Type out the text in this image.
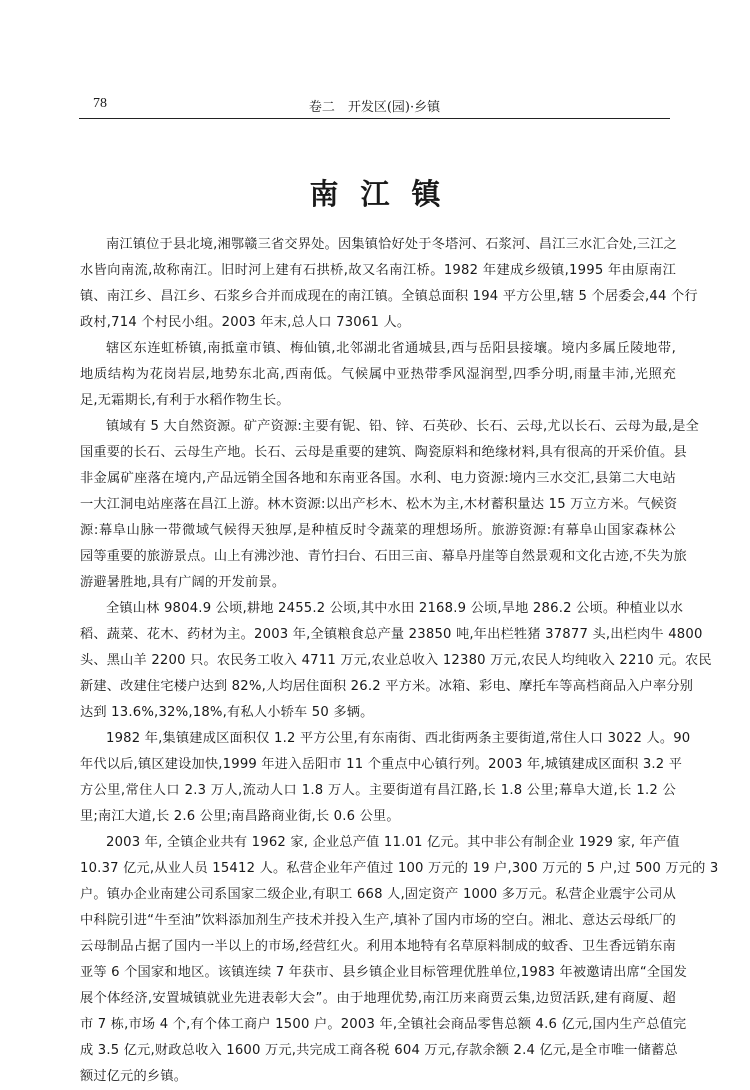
78	卷二　开发区(园)·乡镇
南江镇
南江镇位于县北境,湘鄂赣三省交界处。因集镇恰好处于冬塔河、石浆河、昌江三水汇合处,三江之
水皆向南流,故称南江。旧时河上建有石拱桥,故又名南江桥。1982 年建成乡级镇,1995 年由原南江
镇、南江乡、昌江乡、石浆乡合并而成现在的南江镇。全镇总面积 194 平方公里,辖 5 个居委会,44 个行
政村,714 个村民小组。2003 年末,总人口 73061 人。
辖区东连虹桥镇,南抵童市镇、梅仙镇,北邻湖北省通城县,西与岳阳县接壤。境内多属丘陵地带,
地质结构为花岗岩层,地势东北高,西南低。气候属中亚热带季风湿润型,四季分明,雨量丰沛,光照充
足,无霜期长,有利于水稻作物生长。
镇域有 5 大自然资源。矿产资源:主要有铌、铅、锌、石英砂、长石、云母,尤以长石、云母为最,是全
国重要的长石、云母生产地。长石、云母是重要的建筑、陶瓷原料和绝缘材料,具有很高的开采价值。县
非金属矿座落在境内,产品远销全国各地和东南亚各国。水利、电力资源:境内三水交汇,县第二大电站
一大江洞电站座落在昌江上游。林木资源:以出产杉木、松木为主,木材蓄积量达 15 万立方米。气候资
源:幕阜山脉一带微域气候得天独厚,是种植反时令蔬菜的理想场所。旅游资源:有幕阜山国家森林公
园等重要的旅游景点。山上有沸沙池、青竹扫台、石田三亩、幕阜丹崖等自然景观和文化古迹,不失为旅
游避暑胜地,具有广阔的开发前景。
全镇山林 9804.9 公顷,耕地 2455.2 公顷,其中水田 2168.9 公顷,旱地 286.2 公顷。种植业以水
稻、蔬菜、花木、药材为主。2003 年,全镇粮食总产量 23850 吨,年出栏牲猪 37877 头,出栏肉牛 4800
头、黑山羊 2200 只。农民务工收入 4711 万元,农业总收入 12380 万元,农民人均纯收入 2210 元。农民
新建、改建住宅楼户达到 82%,人均居住面积 26.2 平方米。冰箱、彩电、摩托车等高档商品入户率分别
达到 13.6%,32%,18%,有私人小轿车 50 多辆。
1982 年,集镇建成区面积仅 1.2 平方公里,有东南街、西北街两条主要街道,常住人口 3022 人。90
年代以后,镇区建设加快,1999 年进入岳阳市 11 个重点中心镇行列。2003 年,城镇建成区面积 3.2 平
方公里,常住人口 2.3 万人,流动人口 1.8 万人。主要街道有昌江路,长 1.8 公里;幕阜大道,长 1.2 公
里;南江大道,长 2.6 公里;南昌路商业街,长 0.6 公里。
2003 年, 全镇企业共有 1962 家, 企业总产值 11.01 亿元。其中非公有制企业 1929 家, 年产值
10.37 亿元,从业人员 15412 人。私营企业年产值过 100 万元的 19 户,300 万元的 5 户,过 500 万元的 3
户。镇办企业南建公司系国家二级企业,有职工 668 人,固定资产 1000 多万元。私营企业震宇公司从
中科院引进“牛至油”饮料添加剂生产技术并投入生产,填补了国内市场的空白。湘北、意达云母纸厂的
云母制品占据了国内一半以上的市场,经营红火。利用本地特有名草原料制成的蚊香、卫生香远销东南
亚等 6 个国家和地区。该镇连续 7 年获市、县乡镇企业目标管理优胜单位,1983 年被邀请出席“全国发
展个体经济,安置城镇就业先进表彰大会”。由于地理优势,南江历来商贾云集,边贸活跃,建有商厦、超
市 7 栋,市场 4 个,有个体工商户 1500 户。2003 年,全镇社会商品零售总额 4.6 亿元,国内生产总值完
成 3.5 亿元,财政总收入 1600 万元,共完成工商各税 604 万元,存款余额 2.4 亿元,是全市唯一储蓄总
额过亿元的乡镇。
